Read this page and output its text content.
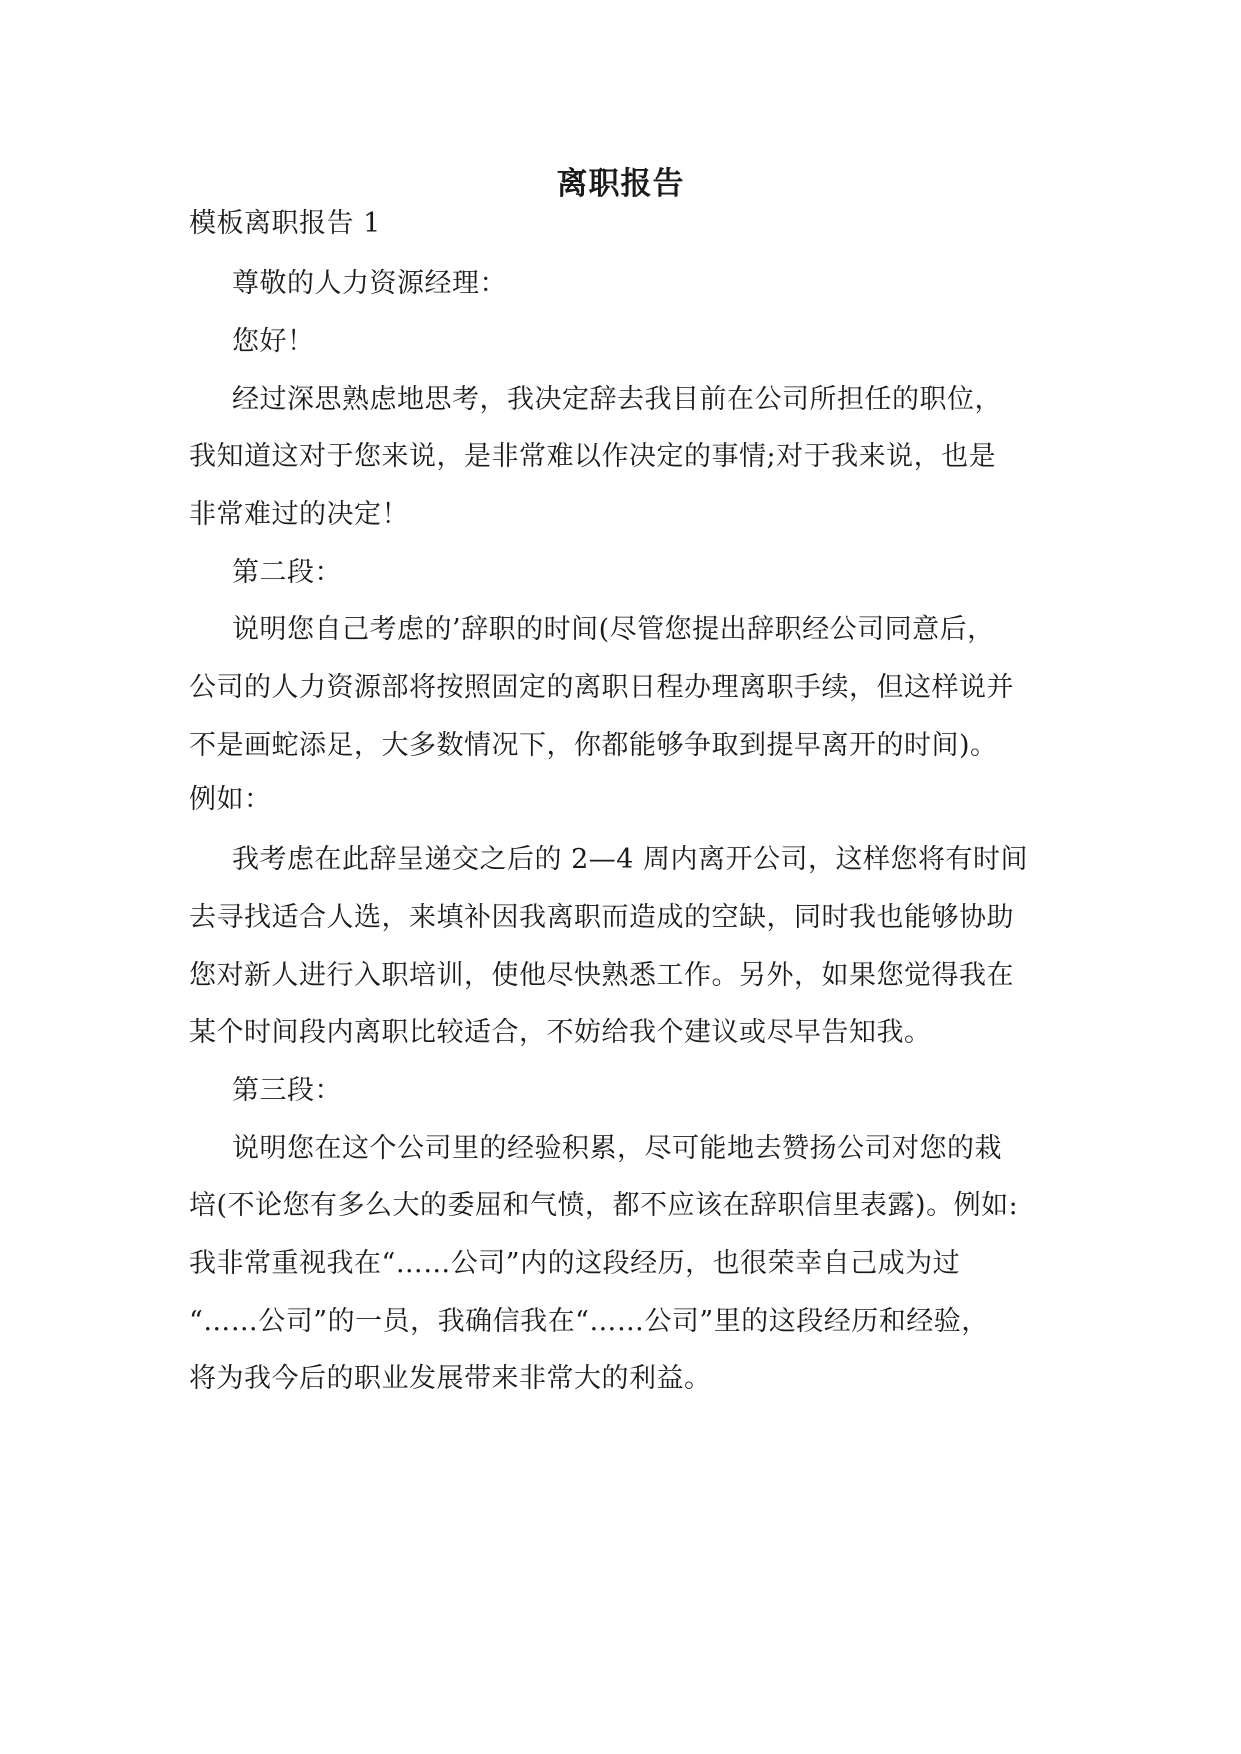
离职报告
模板离职报告 1
尊敬的人力资源经理：
您好！
经过深思熟虑地思考，我决定辞去我目前在公司所担任的职位，
我知道这对于您来说，是非常难以作决定的事情;对于我来说，也是
非常难过的决定！
第二段：
说明您自己考虑的’辞职的时间(尽管您提出辞职经公司同意后，
公司的人力资源部将按照固定的离职日程办理离职手续，但这样说并
不是画蛇添足，大多数情况下，你都能够争取到提早离开的时间)。
例如：
我考虑在此辞呈递交之后的 2—4 周内离开公司，这样您将有时间
去寻找适合人选，来填补因我离职而造成的空缺，同时我也能够协助
您对新人进行入职培训，使他尽快熟悉工作。另外，如果您觉得我在
某个时间段内离职比较适合，不妨给我个建议或尽早告知我。
第三段：
说明您在这个公司里的经验积累，尽可能地去赞扬公司对您的栽
培(不论您有多么大的委屈和气愤，都不应该在辞职信里表露)。例如:
我非常重视我在“……公司”内的这段经历，也很荣幸自己成为过
“……公司”的一员，我确信我在“……公司”里的这段经历和经验，
将为我今后的职业发展带来非常大的利益。
